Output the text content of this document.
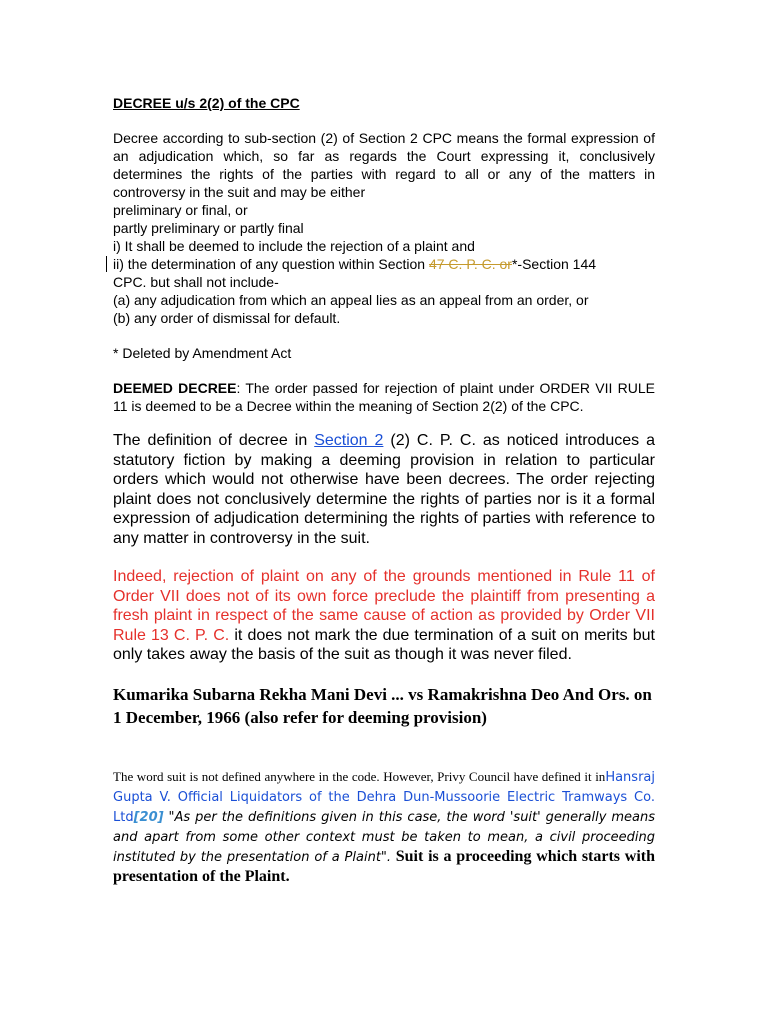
DECREE u/s 2(2) of the CPC

Decree according to sub-section (2) of Section 2 CPC means the formal expression of an adjudication which, so far as regards the Court expressing it, conclusively determines the rights of the parties with regard to all or any of the matters in controversy in the suit and may be either

preliminary or final, or

partly preliminary or partly final

i) It shall be deemed to include the rejection of a plaint and

ii) the determination of any question within Section 47 C. P. C. or*-Section 144

CPC. but shall not include-

(a) any adjudication from which an appeal lies as an appeal from an order, or

(b) any order of dismissal for default.

* Deleted by Amendment Act

DEEMED DECREE: The order passed for rejection of plaint under ORDER VII RULE 11 is deemed to be a Decree within the meaning of Section 2(2) of the CPC.

The definition of decree in Section 2 (2) C. P. C. as noticed introduces a statutory fiction by making a deeming provision in relation to particular orders which would not otherwise have been decrees. The order rejecting plaint does not conclusively determine the rights of parties nor is it a formal expression of adjudication determining the rights of parties with reference to any matter in controversy in the suit.

Indeed, rejection of plaint on any of the grounds mentioned in Rule 11 of Order VII does not of its own force preclude the plaintiff from presenting a fresh plaint in respect of the same cause of action as provided by Order VII Rule 13 C. P. C. it does not mark the due termination of a suit on merits but only takes away the basis of the suit as though it was never filed.

Kumarika Subarna Rekha Mani Devi ... vs Ramakrishna Deo And Ors. on 1 December, 1966 (also refer for deeming provision)

The word suit is not defined anywhere in the code. However, Privy Council have defined it inHansraj Gupta V. Official Liquidators of the Dehra Dun-Mussoorie Electric Tramways Co. Ltd[20] "As per the definitions given in this case, the word 'suit' generally means and apart from some other context must be taken to mean, a civil proceeding instituted by the presentation of a Plaint". Suit is a proceeding which starts with presentation of the Plaint.
